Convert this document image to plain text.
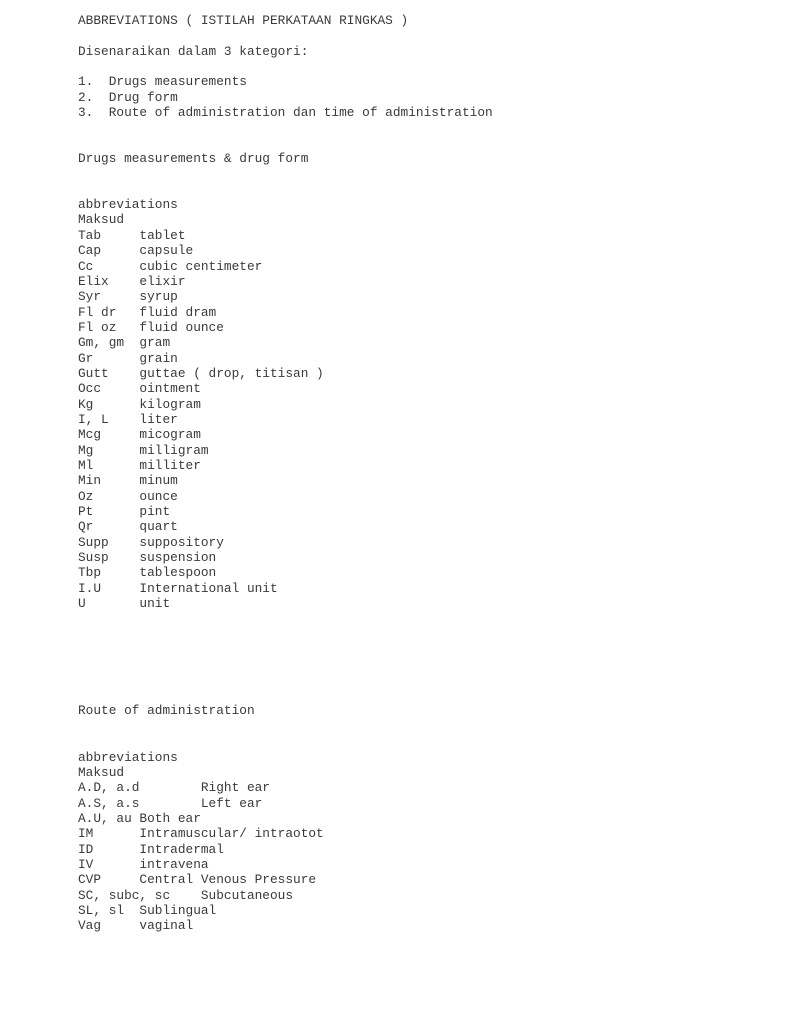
ABBREVIATIONS ( ISTILAH PERKATAAN RINGKAS )

Disenaraikan dalam 3 kategori:

1.  Drugs measurements
2.  Drug form
3.  Route of administration dan time of administration

Drugs measurements & drug form

abbreviations
Maksud
Tab     tablet
Cap     capsule
Cc      cubic centimeter
Elix    elixir
Syr     syrup
Fl dr   fluid dram
Fl oz   fluid ounce
Gm, gm  gram
Gr      grain
Gutt    guttae ( drop, titisan )
Occ     ointment
Kg      kilogram
I, L    liter
Mcg     micogram
Mg      milligram
Ml      milliter
Min     minum
Oz      ounce
Pt      pint
Qr      quart
Supp    suppository
Susp    suspension
Tbp     tablespoon
I.U     International unit
U       unit

Route of administration

abbreviations
Maksud
A.D, a.d        Right ear
A.S, a.s        Left ear
A.U, au Both ear
IM      Intramuscular/ intraotot
ID      Intradermal
IV      intravena
CVP     Central Venous Pressure
SC, subc, sc    Subcutaneous
SL, sl  Sublingual
Vag     vaginal
